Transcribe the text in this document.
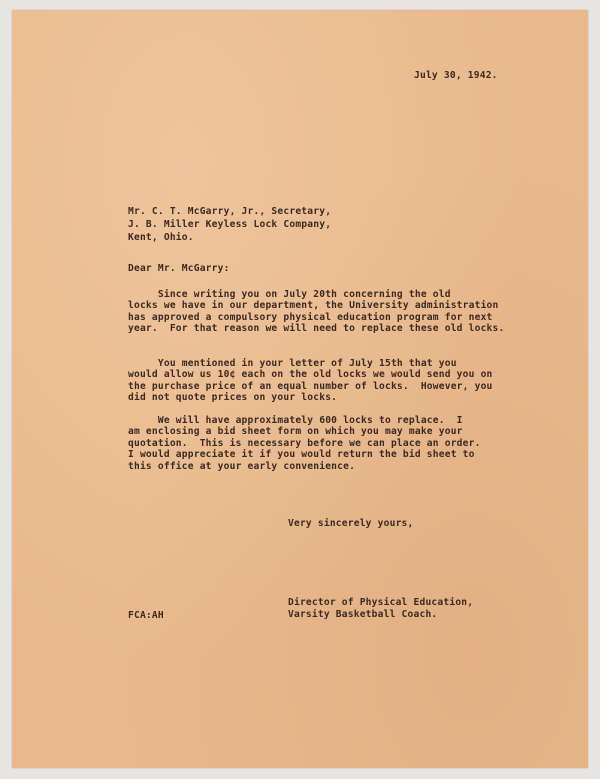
July 30, 1942.
Mr. C. T. McGarry, Jr., Secretary,
J. B. Miller Keyless Lock Company,
Kent, Ohio.
Dear Mr. McGarry:
Since writing you on July 20th concerning the old
locks we have in our department, the University administration
has approved a compulsory physical education program for next
year.  For that reason we will need to replace these old locks.
You mentioned in your letter of July 15th that you
would allow us 10¢ each on the old locks we would send you on
the purchase price of an equal number of locks.  However, you
did not quote prices on your locks.
We will have approximately 600 locks to replace.  I
am enclosing a bid sheet form on which you may make your
quotation.  This is necessary before we can place an order.
I would appreciate it if you would return the bid sheet to
this office at your early convenience.
Very sincerely yours,
Director of Physical Education,
Varsity Basketball Coach.
FCA:AH
